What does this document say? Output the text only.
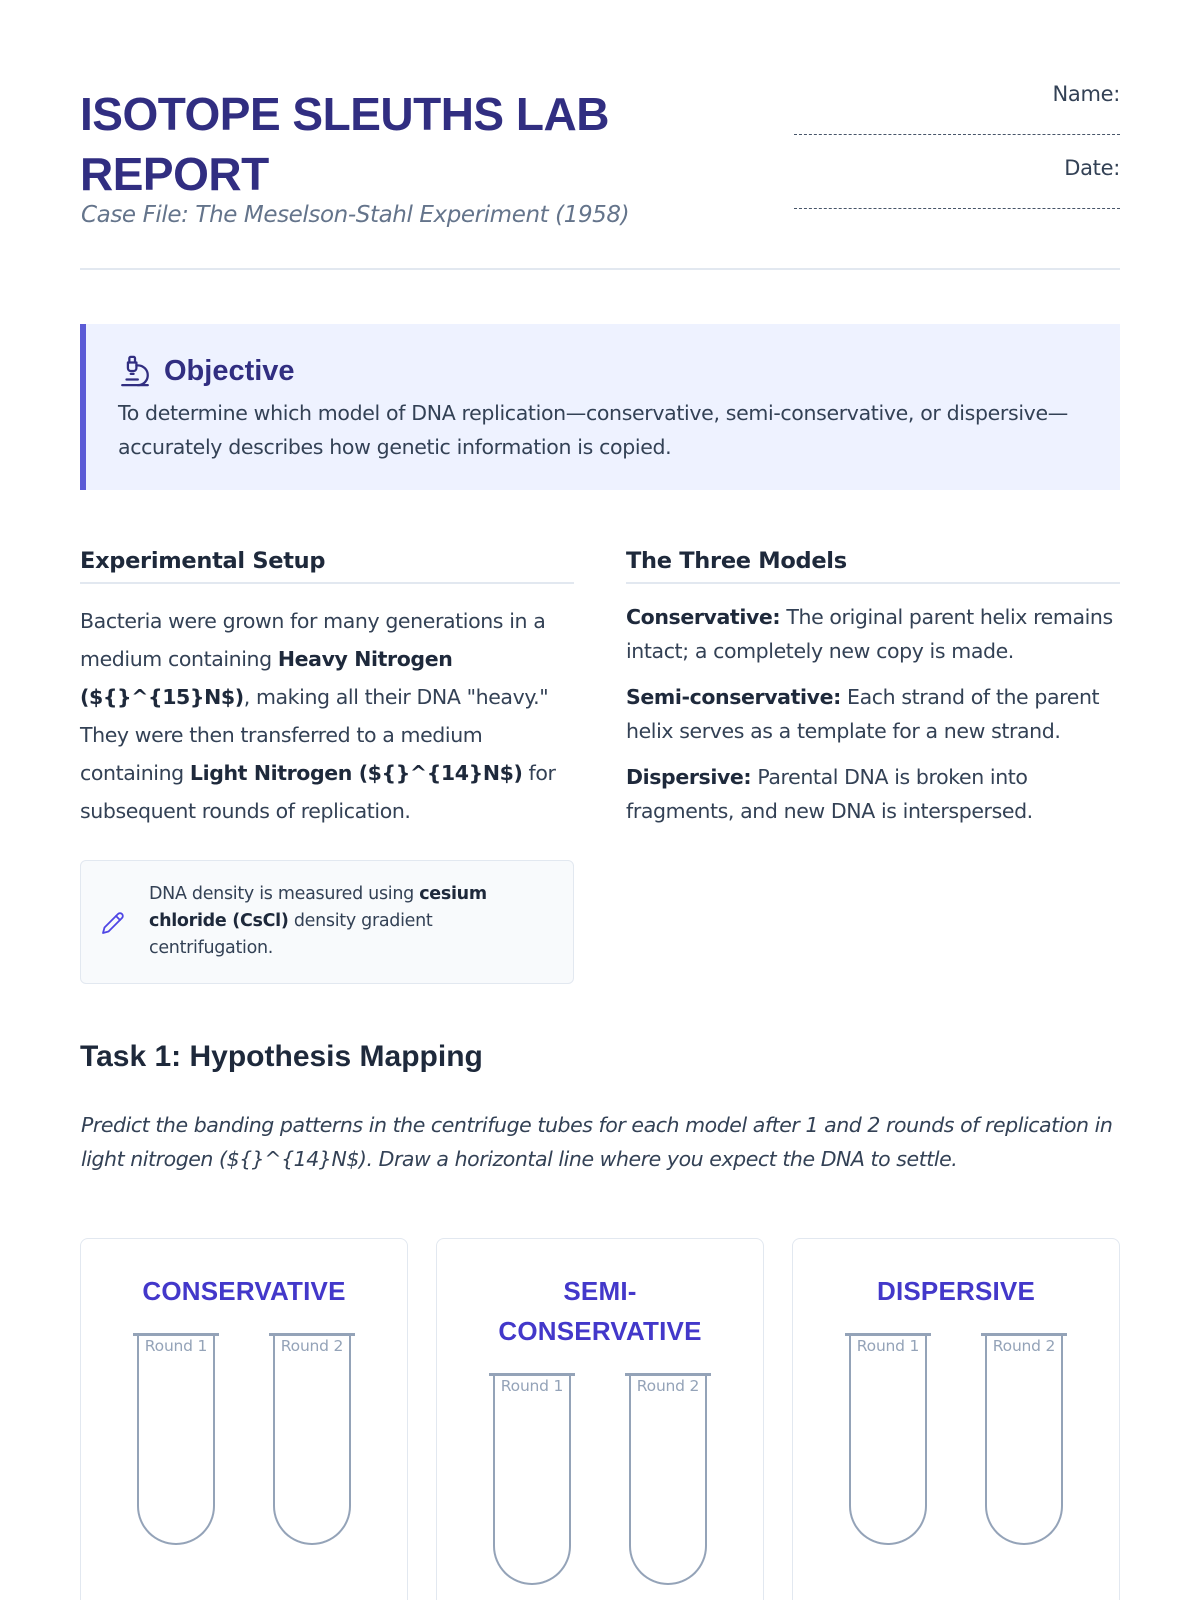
ISOTOPE SLEUTHS LAB REPORT
Case File: The Meselson-Stahl Experiment (1958)
Name:
Date:
Objective
To determine which model of DNA replication—conservative, semi-conservative, or dispersive—accurately describes how genetic information is copied.
Experimental Setup

Bacteria were grown for many generations in a medium containing Heavy Nitrogen (${}^{15}N$), making all their DNA "heavy." They were then transferred to a medium containing Light Nitrogen (${}^{14}N$) for subsequent rounds of replication.

DNA density is measured using cesium chloride (CsCl) density gradient centrifugation.
The Three Models

Conservative: The original parent helix remains intact; a completely new copy is made.

Semi-conservative: Each strand of the parent helix serves as a template for a new strand.

Dispersive: Parental DNA is broken into fragments, and new DNA is interspersed.

Task 1: Hypothesis Mapping
Predict the banding patterns in the centrifuge tubes for each model after 1 and 2 rounds of replication in light nitrogen (${}^{14}N$). Draw a horizontal line where you expect the DNA to settle.
CONSERVATIVE
Round 1	Round 2
SEMI-CONSERVATIVE
Round 1	Round 2
DISPERSIVE
Round 1	Round 2
